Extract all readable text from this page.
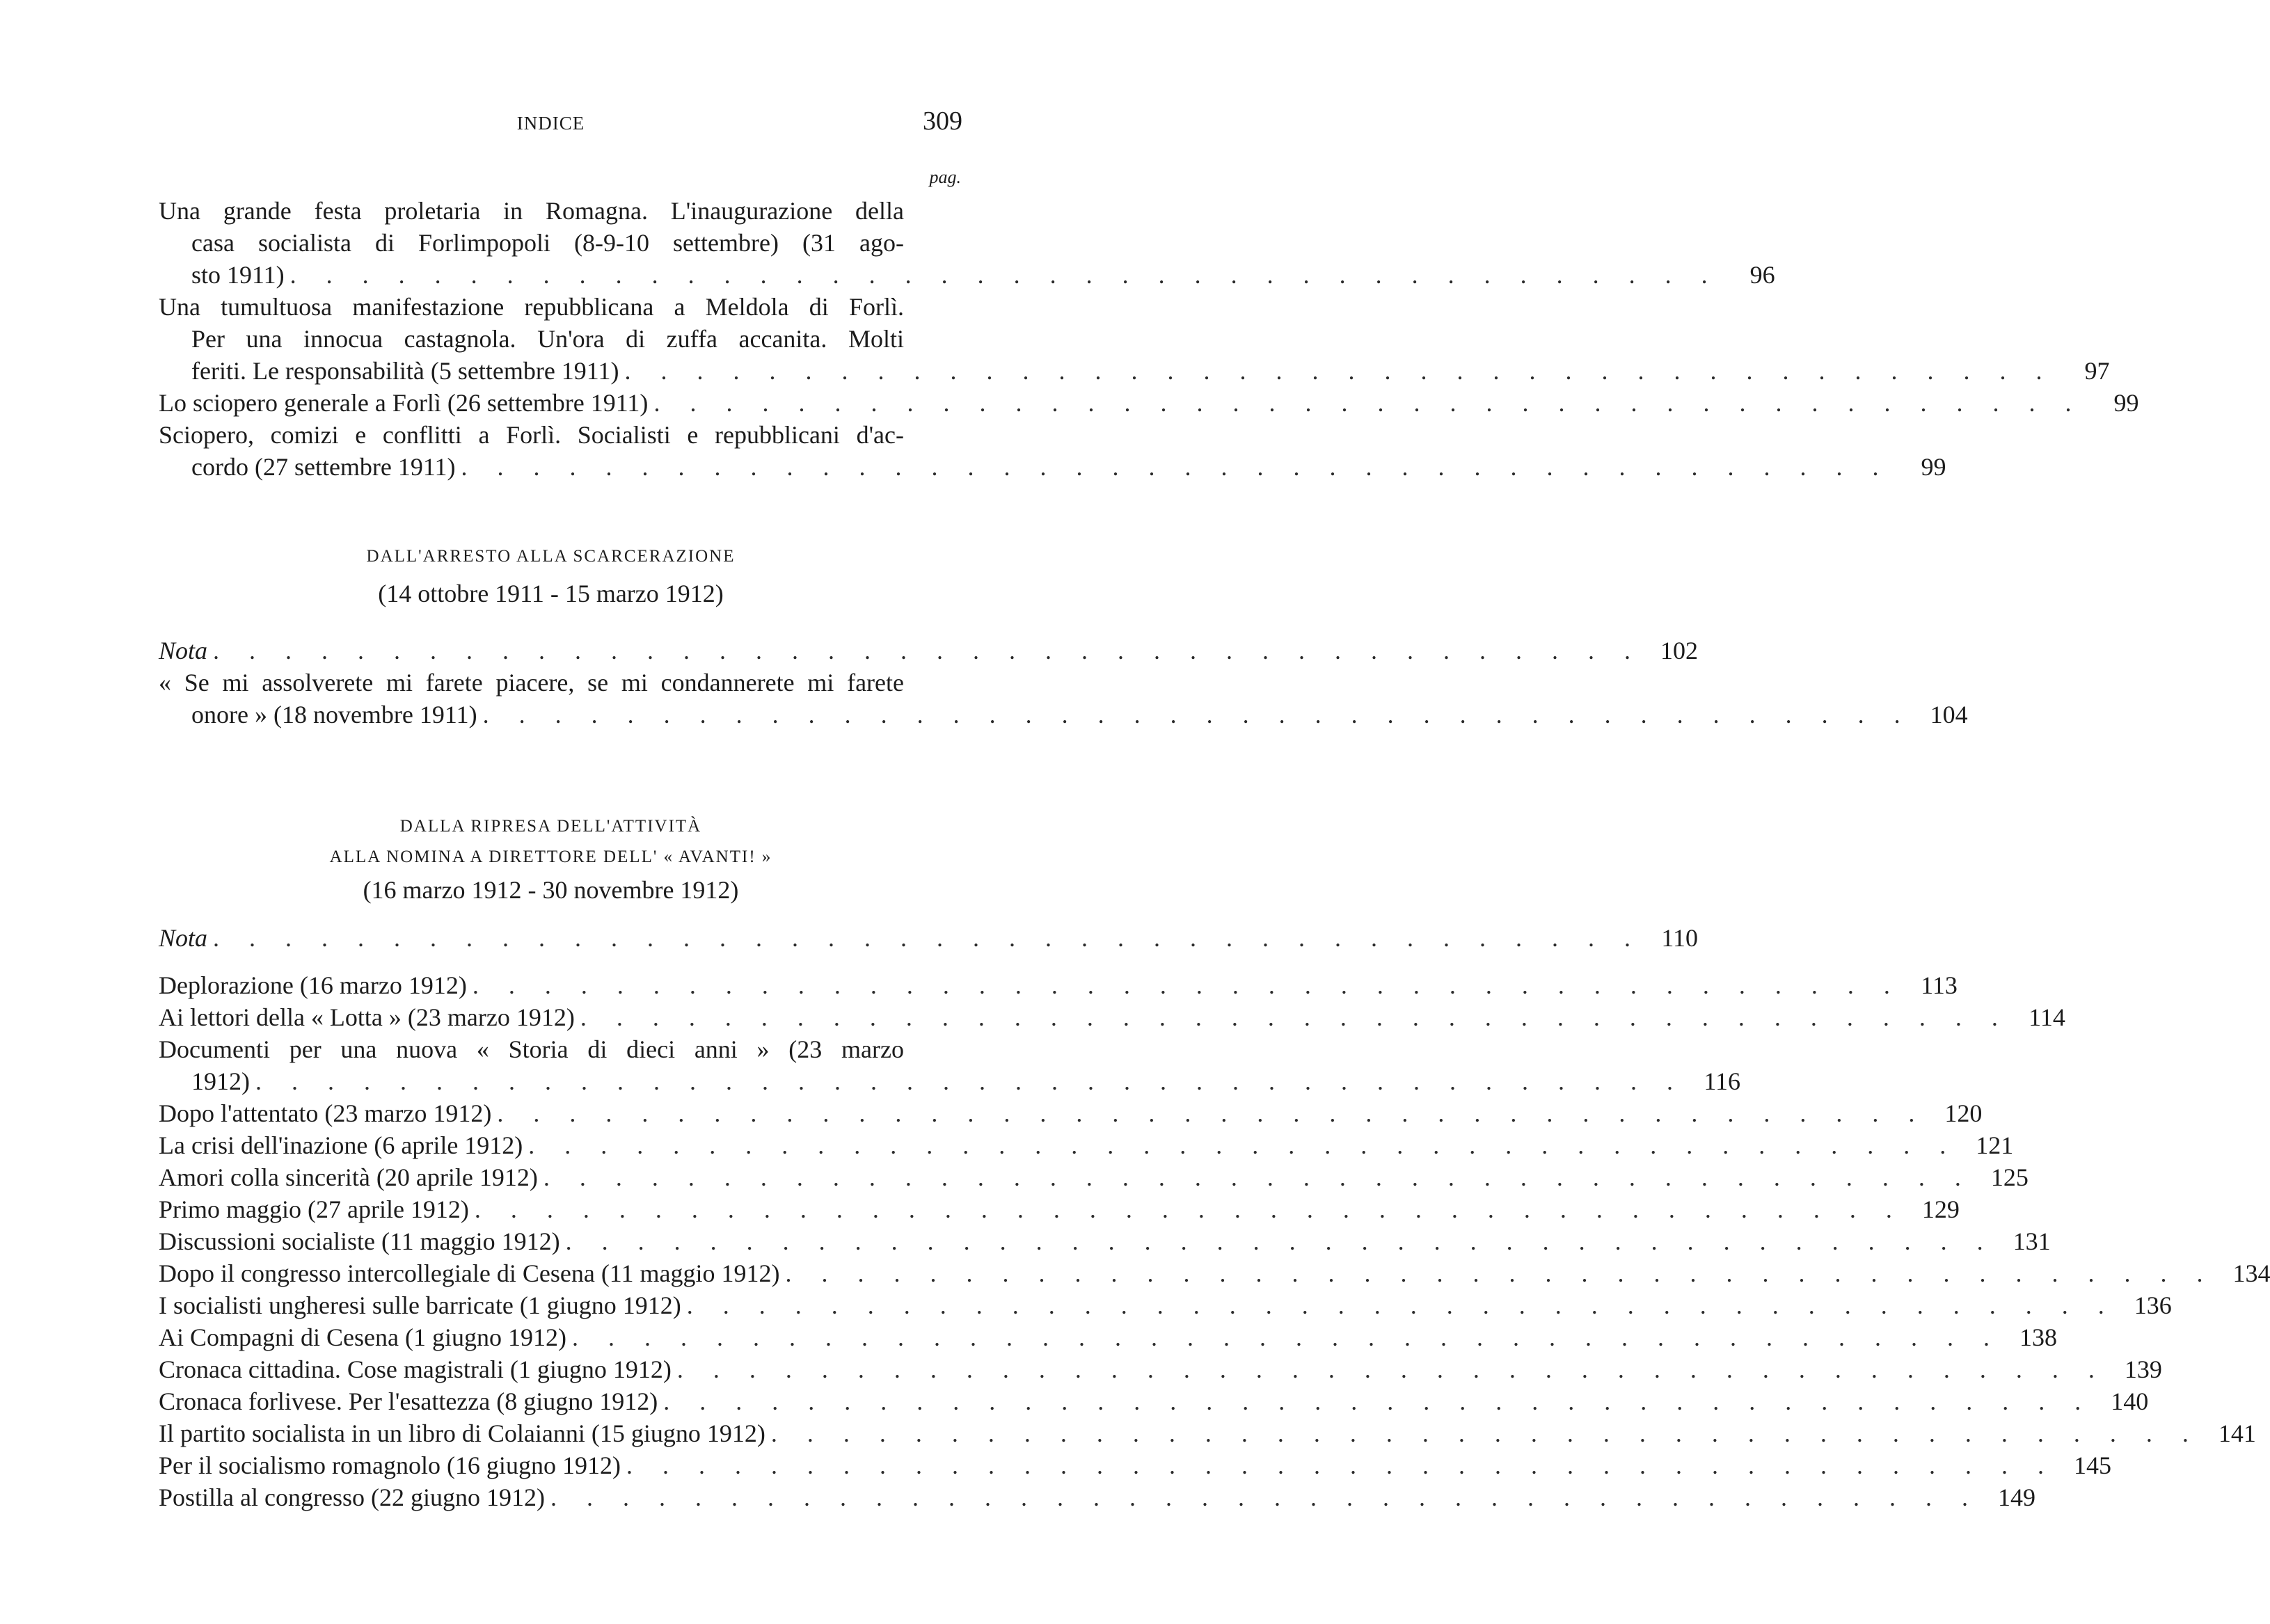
INDICE	309
pag.
Una grande festa proletaria in Romagna. L'inaugurazione della
casa socialista di Forlimpopoli (8-9-10 settembre) (31 ago-
sto 1911) . . . . . . . . . . . . . . . . . . . . . . . . . . . . . . . . . . . . . . . .	96
Una tumultuosa manifestazione repubblicana a Meldola di Forlì.
Per una innocua castagnola. Un'ora di zuffa accanita. Molti
feriti. Le responsabilità (5 settembre 1911) . . . . . . . . . . . . . . . . . . . . . . . . . . . . . . . . . . . . . . . .	97
Lo sciopero generale a Forlì (26 settembre 1911) . . . . . . . . . . . . . . . . . . . . . . . . . . . . . . . . . . . . . . . .	99
Sciopero, comizi e conflitti a Forlì. Socialisti e repubblicani d'ac-
cordo (27 settembre 1911) . . . . . . . . . . . . . . . . . . . . . . . . . . . . . . . . . . . . . . . .	99

DALL'ARRESTO ALLA SCARCERAZIONE

(14 ottobre 1911 - 15 marzo 1912)

Nota . . . . . . . . . . . . . . . . . . . . . . . . . . . . . . . . . . . . . . . . 102
« Se mi assolverete mi farete piacere, se mi condannerete mi farete
onore » (18 novembre 1911) . . . . . . . . . . . . . . . . . . . . . . . . . . . . . . . . . . . . . . . . 104

DALLA RIPRESA DELL'ATTIVITÀ

ALLA NOMINA A DIRETTORE DELL' « AVANTI! »

(16 marzo 1912 - 30 novembre 1912)

Nota . . . . . . . . . . . . . . . . . . . . . . . . . . . . . . . . . . . . . . . . 110
Deplorazione (16 marzo 1912) . . . . . . . . . . . . . . . . . . . . . . . . . . . . . . . . . . . . . . . . 113
Ai lettori della « Lotta » (23 marzo 1912) . . . . . . . . . . . . . . . . . . . . . . . . . . . . . . . . . . . . . . . . 114
Documenti per una nuova « Storia di dieci anni » (23 marzo
1912) . . . . . . . . . . . . . . . . . . . . . . . . . . . . . . . . . . . . . . . . 116
Dopo l'attentato (23 marzo 1912) . . . . . . . . . . . . . . . . . . . . . . . . . . . . . . . . . . . . . . . . 120
La crisi dell'inazione (6 aprile 1912) . . . . . . . . . . . . . . . . . . . . . . . . . . . . . . . . . . . . . . . . 121
Amori colla sincerità (20 aprile 1912) . . . . . . . . . . . . . . . . . . . . . . . . . . . . . . . . . . . . . . . . 125
Primo maggio (27 aprile 1912) . . . . . . . . . . . . . . . . . . . . . . . . . . . . . . . . . . . . . . . . 129
Discussioni socialiste (11 maggio 1912) . . . . . . . . . . . . . . . . . . . . . . . . . . . . . . . . . . . . . . . . 131
Dopo il congresso intercollegiale di Cesena (11 maggio 1912) . . . . . . . . . . . . . . . . . . . . . . . . . . . . . . . . . . . . . . . . 134
I socialisti ungheresi sulle barricate (1 giugno 1912) . . . . . . . . . . . . . . . . . . . . . . . . . . . . . . . . . . . . . . . . 136
Ai Compagni di Cesena (1 giugno 1912) . . . . . . . . . . . . . . . . . . . . . . . . . . . . . . . . . . . . . . . . 138
Cronaca cittadina. Cose magistrali (1 giugno 1912) . . . . . . . . . . . . . . . . . . . . . . . . . . . . . . . . . . . . . . . . 139
Cronaca forlivese. Per l'esattezza (8 giugno 1912) . . . . . . . . . . . . . . . . . . . . . . . . . . . . . . . . . . . . . . . . 140
Il partito socialista in un libro di Colaianni (15 giugno 1912) . . . . . . . . . . . . . . . . . . . . . . . . . . . . . . . . . . . . . . . . 141
Per il socialismo romagnolo (16 giugno 1912) . . . . . . . . . . . . . . . . . . . . . . . . . . . . . . . . . . . . . . . . 145
Postilla al congresso (22 giugno 1912) . . . . . . . . . . . . . . . . . . . . . . . . . . . . . . . . . . . . . . . . 149
